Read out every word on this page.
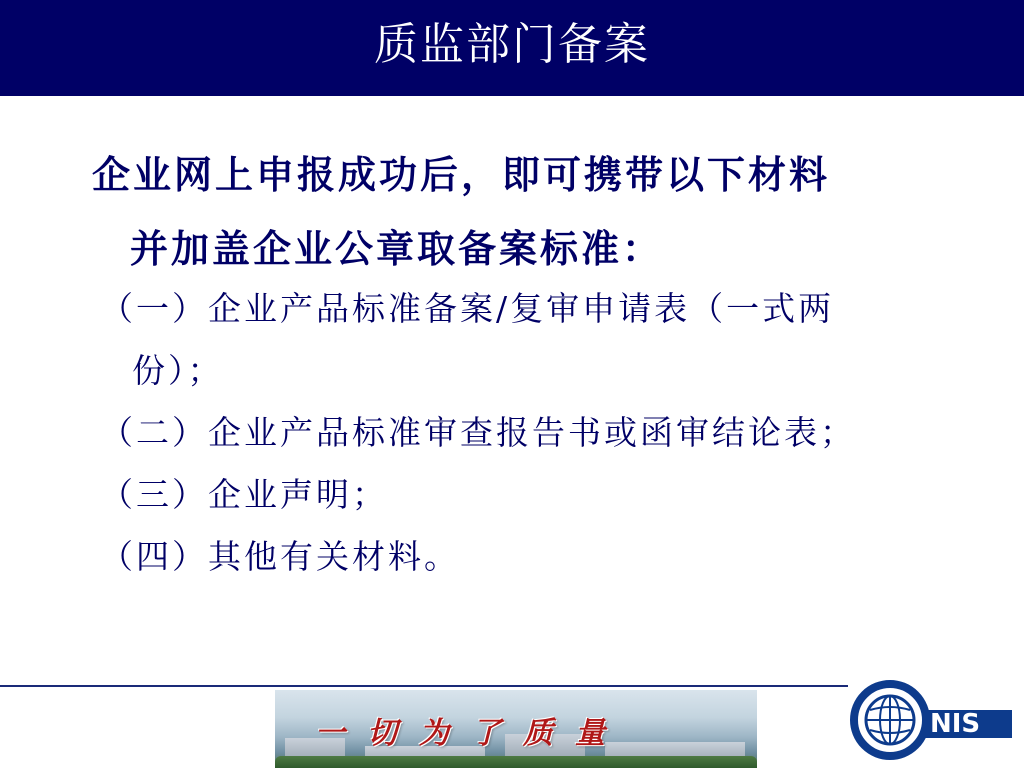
质监部门备案
企业网上申报成功后，即可携带以下材料
并加盖企业公章取备案标准：
（一）企业产品标准备案/复审申请表（一式两
份）；
（二）企业产品标准审查报告书或函审结论表；
（三）企业声明；
（四）其他有关材料。
一切为了质量	NIS
